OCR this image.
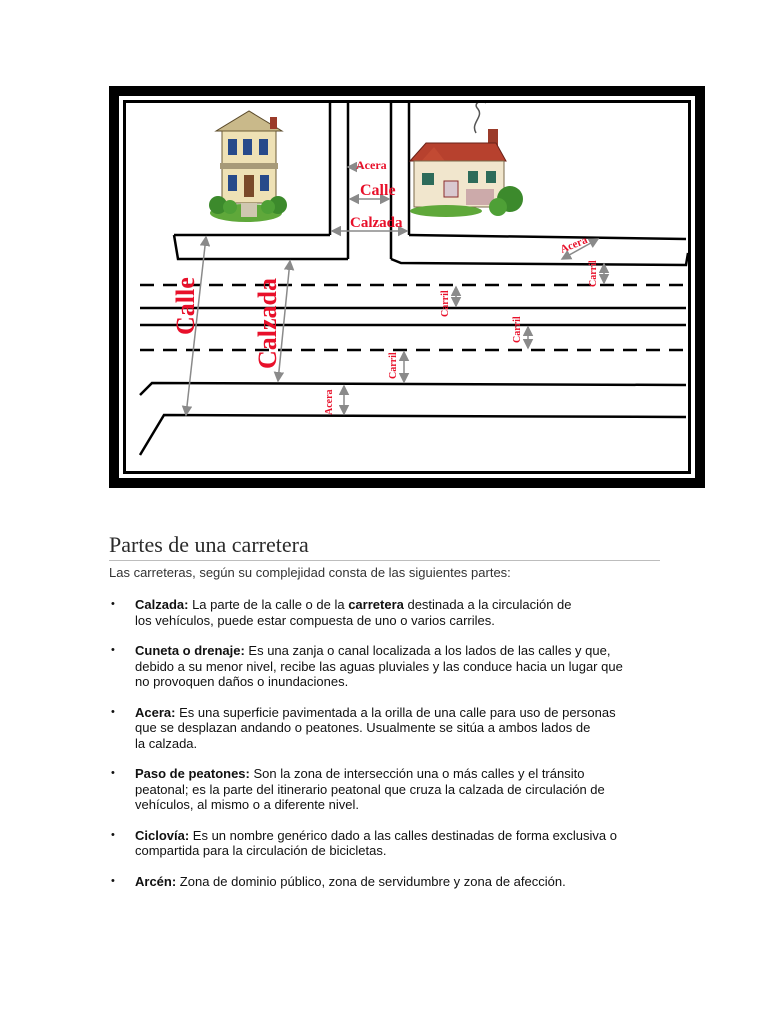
Acera
Calle
Calzada
Acera
Carril
Carril
Carril
Carril
Acera
Calle Calzada
Partes de una carretera
Las carreteras, según su complejidad consta de las siguientes partes:
• Calzada: La parte de la calle o de la carretera destinada a la circulación de
los vehículos, puede estar compuesta de uno o varios carriles.
• Cuneta o drenaje: Es una zanja o canal localizada a los lados de las calles y que,
debido a su menor nivel, recibe las aguas pluviales y las conduce hacia un lugar que
no provoquen daños o inundaciones.
• Acera: Es una superficie pavimentada a la orilla de una calle para uso de personas
que se desplazan andando o peatones. Usualmente se sitúa a ambos lados de
la calzada.
• Paso de peatones: Son la zona de intersección una o más calles y el tránsito
peatonal; es la parte del itinerario peatonal que cruza la calzada de circulación de
vehículos, al mismo o a diferente nivel.
• Ciclovía: Es un nombre genérico dado a las calles destinadas de forma exclusiva o
compartida para la circulación de bicicletas.
• Arcén: Zona de dominio público, zona de servidumbre y zona de afección.
